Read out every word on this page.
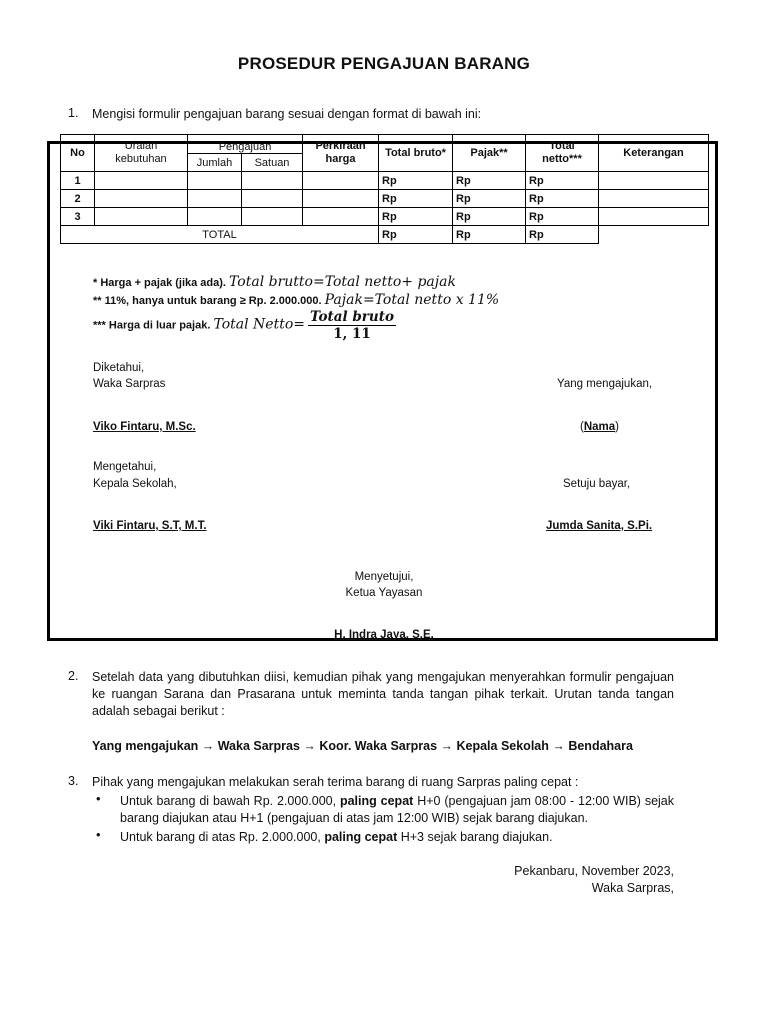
PROSEDUR PENGAJUAN BARANG
1. Mengisi formulir pengajuan barang sesuai dengan format di bawah ini:
No	Uraian kebutuhan	Pengajuan		Perkiraan harga	Total bruto*	Pajak**	Total netto***	Keterangan
		Jumlah	Satuan					
1					Rp	Rp	Rp	
2					Rp	Rp	Rp	
3					Rp	Rp	Rp	
TOTAL					Rp	Rp	Rp	
* Harga + pajak (jika ada). Total brutto=Total netto+ pajak
** 11%, hanya untuk barang ≥ Rp. 2.000.000. Pajak=Total netto x 11%
*** Harga di luar pajak. Total Netto= $\frac{\text{Total bruto}}{1, 11}$
Diketahui,
Waka Sarpras	Yang mengajukan,
Viko Fintaru, M.Sc.	(Nama)
Mengetahui,
Kepala Sekolah,	Setuju bayar,
Viki Fintaru, S.T, M.T.	Jumda Sanita, S.Pi.
Menyetujui,
Ketua Yayasan
H. Indra Jaya, S.E.
2. Setelah data yang dibutuhkan diisi, kemudian pihak yang mengajukan menyerahkan formulir pengajuan ke ruangan Sarana dan Prasarana untuk meminta tanda tangan pihak terkait. Urutan tanda tangan adalah sebagai berikut :
Yang mengajukan → Waka Sarpras → Koor. Waka Sarpras → Kepala Sekolah → Bendahara
3. Pihak yang mengajukan melakukan serah terima barang di ruang Sarpras paling cepat :
• Untuk barang di bawah Rp. 2.000.000, paling cepat H+0 (pengajuan jam 08:00 - 12:00 WIB) sejak barang diajukan atau H+1 (pengajuan di atas jam 12:00 WIB) sejak barang diajukan.
• Untuk barang di atas Rp. 2.000.000, paling cepat H+3 sejak barang diajukan.
Pekanbaru, November 2023,
Waka Sarpras,
